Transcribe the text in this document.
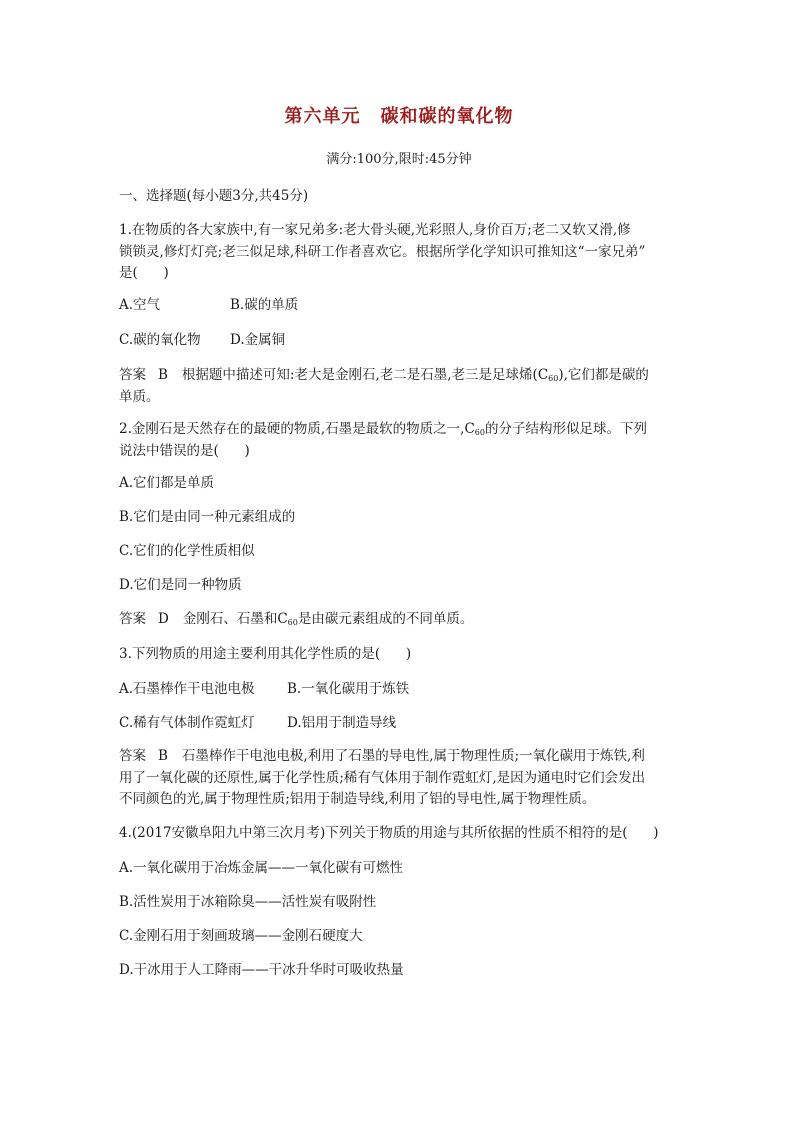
第六单元 碳和碳的氧化物
满分:100分,限时:45分钟
一、选择题(每小题3分,共45分)

1.在物质的各大家族中,有一家兄弟多:老大骨头硬,光彩照人,身价百万;老二又软又滑,修

锁锁灵,修灯灯亮;老三似足球,科研工作者喜欢它。根据所学化学知识可推知这“一家兄弟”

是(      )

A.空气	B.碳的单质
C.碳的氧化物	D.金属铜

答案 B 根据题中描述可知:老大是金刚石,老二是石墨,老三是足球烯$(C_{60})$,它们都是碳的

单质。

2.金刚石是天然存在的最硬的物质,石墨是最软的物质之一$,C_{60}$的分子结构形似足球。下列

说法中错误的是(      )

A.它们都是单质
B.它们是由同一种元素组成的
C.它们的化学性质相似
D.它们是同一种物质

答案 D 金刚石、石墨和$C_{60}$是由碳元素组成的不同单质。

3.下列物质的用途主要利用其化学性质的是(      )
A.石墨棒作干电池电极	B.一氧化碳用于炼铁
C.稀有气体制作霓虹灯	D.铝用于制造导线

答案 B 石墨棒作干电池电极,利用了石墨的导电性,属于物理性质;一氧化碳用于炼铁,利

用了一氧化碳的还原性,属于化学性质;稀有气体用于制作霓虹灯,是因为通电时它们会发出

不同颜色的光,属于物理性质;铝用于制造导线,利用了铝的导电性,属于物理性质。

4.(2017安徽阜阳九中第三次月考)下列关于物质的用途与其所依据的性质不相符的是(      )
A.一氧化碳用于冶炼金属——一氧化碳有可燃性
B.活性炭用于冰箱除臭——活性炭有吸附性
C.金刚石用于刻画玻璃——金刚石硬度大
D.干冰用于人工降雨——干冰升华时可吸收热量
